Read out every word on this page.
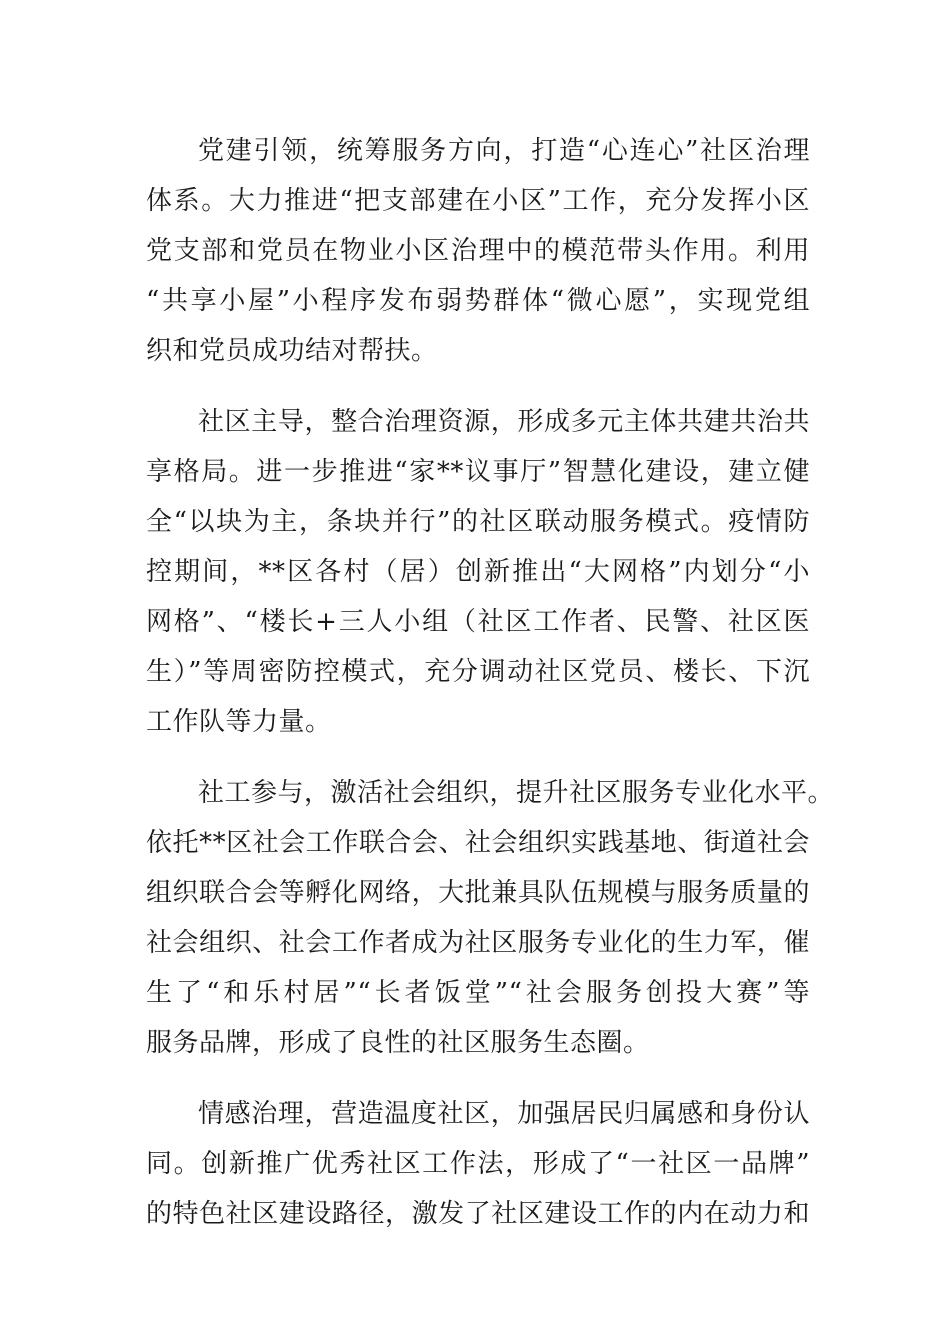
党建引领，统筹服务方向，打造“心连心”社区治理
体系。大力推进“把支部建在小区”工作，充分发挥小区
党支部和党员在物业小区治理中的模范带头作用。利用
“共享小屋”小程序发布弱势群体“微心愿”，实现党组
织和党员成功结对帮扶。
社区主导，整合治理资源，形成多元主体共建共治共
享格局。进一步推进“家**议事厅”智慧化建设，建立健
全“以块为主，条块并行”的社区联动服务模式。疫情防
控期间，**区各村（居）创新推出“大网格”内划分“小
网格”、“楼长+三人小组（社区工作者、民警、社区医
生）”等周密防控模式，充分调动社区党员、楼长、下沉
工作队等力量。
社工参与，激活社会组织，提升社区服务专业化水平。
依托**区社会工作联合会、社会组织实践基地、街道社会
组织联合会等孵化网络，大批兼具队伍规模与服务质量的
社会组织、社会工作者成为社区服务专业化的生力军，催
生了“和乐村居”“长者饭堂”“社会服务创投大赛”等
服务品牌，形成了良性的社区服务生态圈。
情感治理，营造温度社区，加强居民归属感和身份认
同。创新推广优秀社区工作法，形成了“一社区一品牌”
的特色社区建设路径，激发了社区建设工作的内在动力和
